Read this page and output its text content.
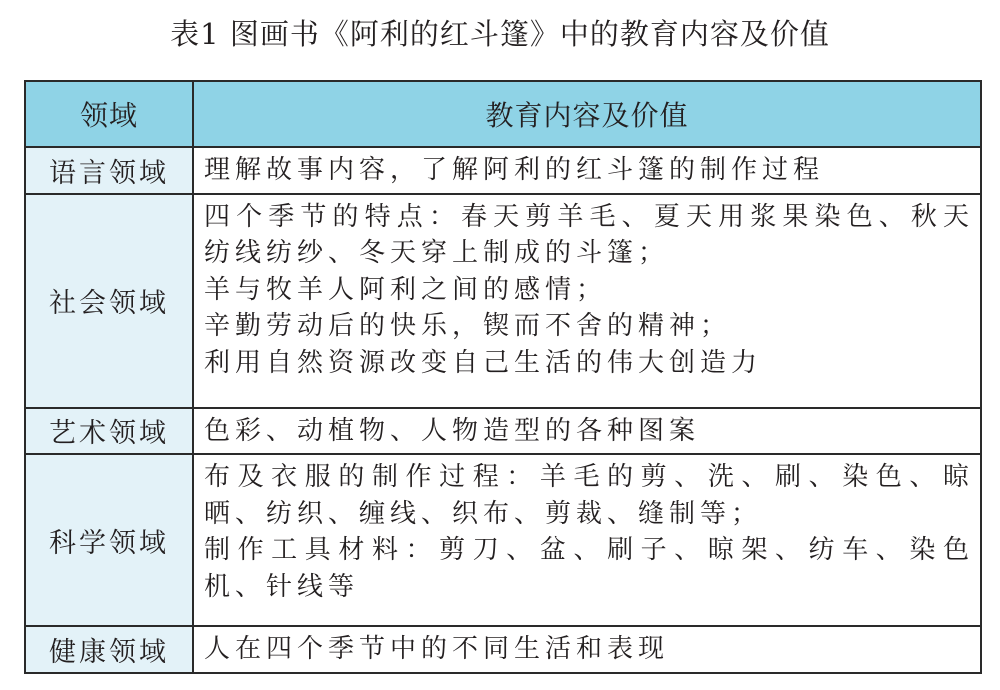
表1 图画书《阿利的红斗篷》中的教育内容及价值
领域	教育内容及价值
语言领域	理解故事内容，了解阿利的红斗篷的制作过程

社会领域	四个季节的特点：春天剪羊毛、夏天用浆果染色、秋天纺线纺纱、冬天穿上制成的斗篷；
羊与牧羊人阿利之间的感情；
辛勤劳动后的快乐，锲而不舍的精神；
利用自然资源改变自己生活的伟大创造力

艺术领域	色彩、动植物、人物造型的各种图案

科学领域	布及衣服的制作过程：羊毛的剪、洗、刷、染色、晾晒、纺织、缠线、织布、剪裁、缝制等；
制作工具材料：剪刀、盆、刷子、晾架、纺车、染色机、针线等

健康领域	人在四个季节中的不同生活和表现
